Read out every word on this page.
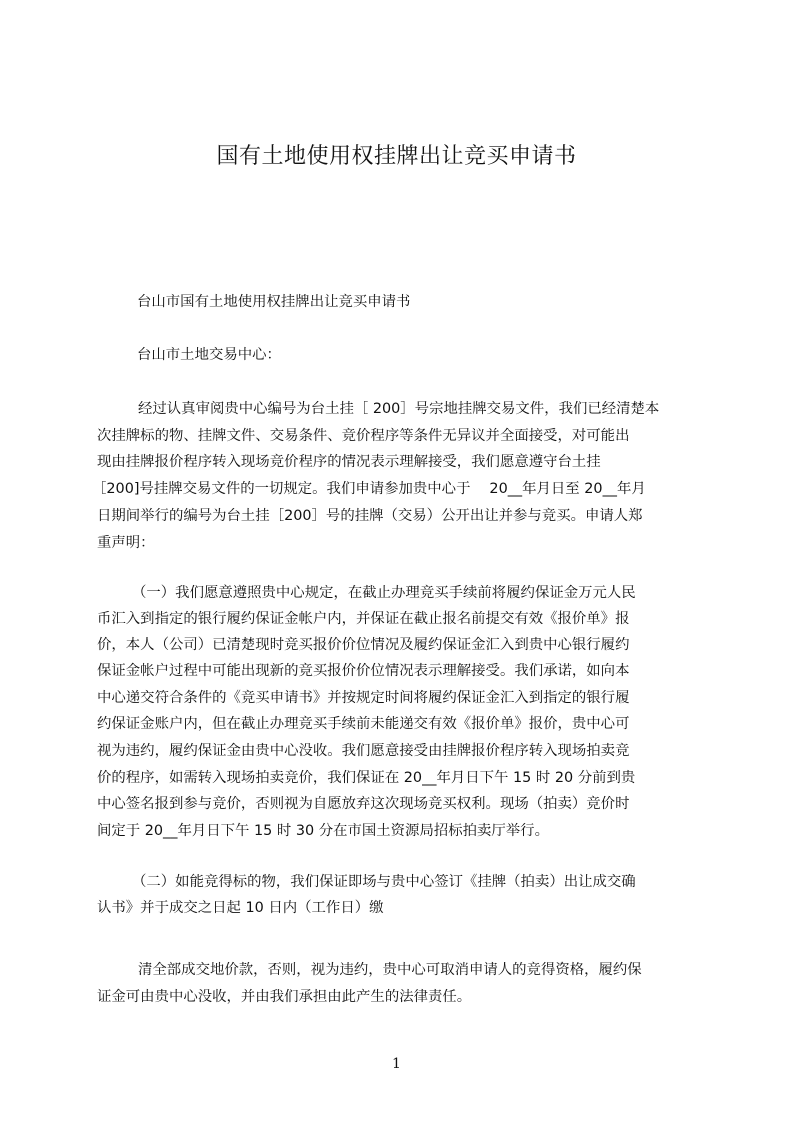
国有土地使用权挂牌出让竞买申请书

台山市国有土地使用权挂牌出让竞买申请书

台山市土地交易中心：

经过认真审阅贵中心编号为台土挂［ 200］号宗地挂牌交易文件，我们已经清楚本

次挂牌标的物、挂牌文件、交易条件、竞价程序等条件无异议并全面接受，对可能出

现由挂牌报价程序转入现场竞价程序的情况表示理解接受，我们愿意遵守台土挂

［200]号挂牌交易文件的一切规定。我们申请参加贵中心于　 20__年月日至 20__年月

日期间举行的编号为台土挂［200］号的挂牌（交易）公开出让并参与竞买。申请人郑

重声明：

（一）我们愿意遵照贵中心规定，在截止办理竞买手续前将履约保证金万元人民

币汇入到指定的银行履约保证金帐户内，并保证在截止报名前提交有效《报价单》报

价，本人（公司）已清楚现时竞买报价价位情况及履约保证金汇入到贵中心银行履约

保证金帐户过程中可能出现新的竞买报价价位情况表示理解接受。我们承诺，如向本

中心递交符合条件的《竞买申请书》并按规定时间将履约保证金汇入到指定的银行履

约保证金账户内，但在截止办理竞买手续前未能递交有效《报价单》报价，贵中心可

视为违约，履约保证金由贵中心没收。我们愿意接受由挂牌报价程序转入现场拍卖竞

价的程序，如需转入现场拍卖竞价，我们保证在 20__年月日下午 15 时 20 分前到贵

中心签名报到参与竞价，否则视为自愿放弃这次现场竞买权利。现场（拍卖）竞价时

间定于 20__年月日下午 15 时 30 分在市国土资源局招标拍卖厅举行。

（二）如能竞得标的物，我们保证即场与贵中心签订《挂牌（拍卖）出让成交确

认书》并于成交之日起 10 日内（工作日）缴

清全部成交地价款，否则，视为违约，贵中心可取消申请人的竞得资格，履约保

证金可由贵中心没收，并由我们承担由此产生的法律责任。

1
